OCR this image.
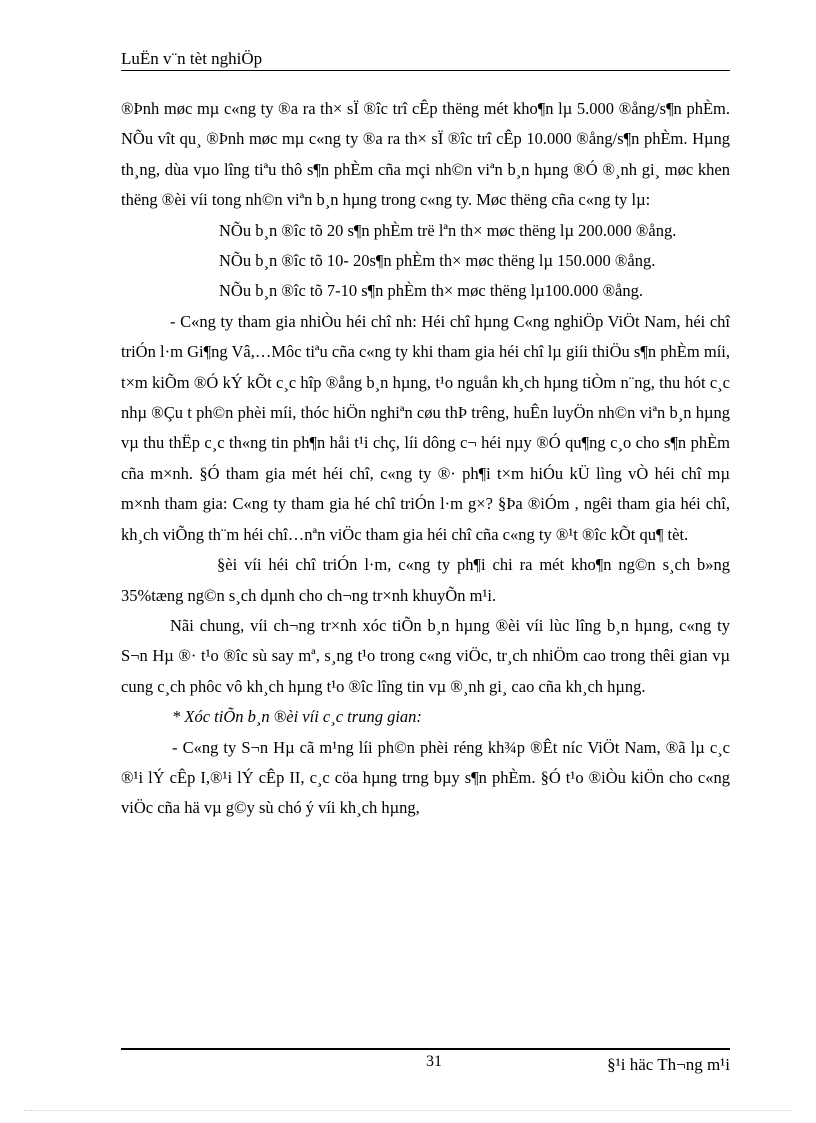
LuËn v¨n tèt nghiÖp

®Þnh møc mµ c«ng ty ®a ra th× sÏ ®îc trî cÊp thëng mét kho¶n lµ 5.000 ®ång/s¶n phÈm. NÕu vît qu¸ ®Þnh møc mµ c«ng ty ®a ra th× sÏ ®îc trî cÊp 10.000 ®ång/s¶n phÈm. Hµng th¸ng, dùa vµo lîng tiªu thô s¶n phÈm cña mçi nh©n viªn b¸n hµng ®Ó ®¸nh gi¸ møc khen thëng ®èi víi tong nh©n viªn b¸n hµng trong c«ng ty. Møc thëng cña c«ng ty lµ:

NÕu b¸n ®îc tõ 20 s¶n phÈm trë lªn th× møc thëng lµ 200.000 ®ång.

NÕu b¸n ®îc tõ 10- 20s¶n phÈm th× møc thëng lµ 150.000 ®ång.

NÕu b¸n ®îc tõ 7-10 s¶n phÈm th× møc thëng lµ100.000 ®ång.

- C«ng ty tham gia nhiÒu héi chî nh: Héi chî hµng C«ng nghiÖp ViÖt Nam, héi chî triÓn l·m Gi¶ng Vâ,…Môc tiªu cña c«ng ty khi tham gia héi chî lµ giíi thiÖu s¶n phÈm míi, t×m kiÕm ®Ó kÝ kÕt c¸c hîp ®ång b¸n hµng, t¹o nguån kh¸ch hµng tiÒm n¨ng, thu hót c¸c nhµ ®Çu t ph©n phèi míi, thóc hiÖn nghiªn cøu thÞ trêng, huÊn luyÖn nh©n viªn b¸n hµng vµ thu thËp c¸c th«ng tin ph¶n håi t¹i chç, líi dông c¬ héi nµy ®Ó qu¶ng c¸o cho s¶n phÈm cña m×nh. §Ó tham gia mét héi chî, c«ng ty ®· ph¶i t×m hiÓu kÜ lìng vÒ héi chî mµ m×nh tham gia: C«ng ty tham gia hé chî triÓn l·m g×? §Þa ®iÓm , ngêi tham gia héi chî, kh¸ch viÕng th¨m héi chî…nªn viÖc tham gia héi chî cña c«ng ty ®¹t ®îc kÕt qu¶ tèt.

§èi víi héi chî triÓn l·m, c«ng ty ph¶i chi ra mét kho¶n ng©n s¸ch b»ng 35%tæng ng©n s¸ch dµnh cho ch¬ng tr×nh khuyÕn m¹i.

Nãi chung, víi ch¬ng tr×nh xóc tiÕn b¸n hµng ®èi víi lùc lîng b¸n hµng, c«ng ty S¬n Hµ ®· t¹o ®îc sù say mª, s¸ng t¹o trong c«ng viÖc, tr¸ch nhiÖm cao trong thêi gian vµ cung c¸ch phôc vô kh¸ch hµng t¹o ®îc lîng tin vµ ®¸nh gi¸ cao cña kh¸ch hµng.

* Xóc tiÕn b¸n ®èi víi c¸c trung gian:

- C«ng ty S¬n Hµ cã m¹ng líi ph©n phèi réng kh¾p ®Êt níc ViÖt Nam, ®ã lµ c¸c ®¹i lÝ cÊp I,®¹i lÝ cÊp II, c¸c cöa hµng trng bµy s¶n phÈm. §Ó t¹o ®iÒu kiÖn cho c«ng viÖc cña hä vµ g©y sù chó ý víi kh¸ch hµng,

31	§¹i häc Th¬ng m¹i
